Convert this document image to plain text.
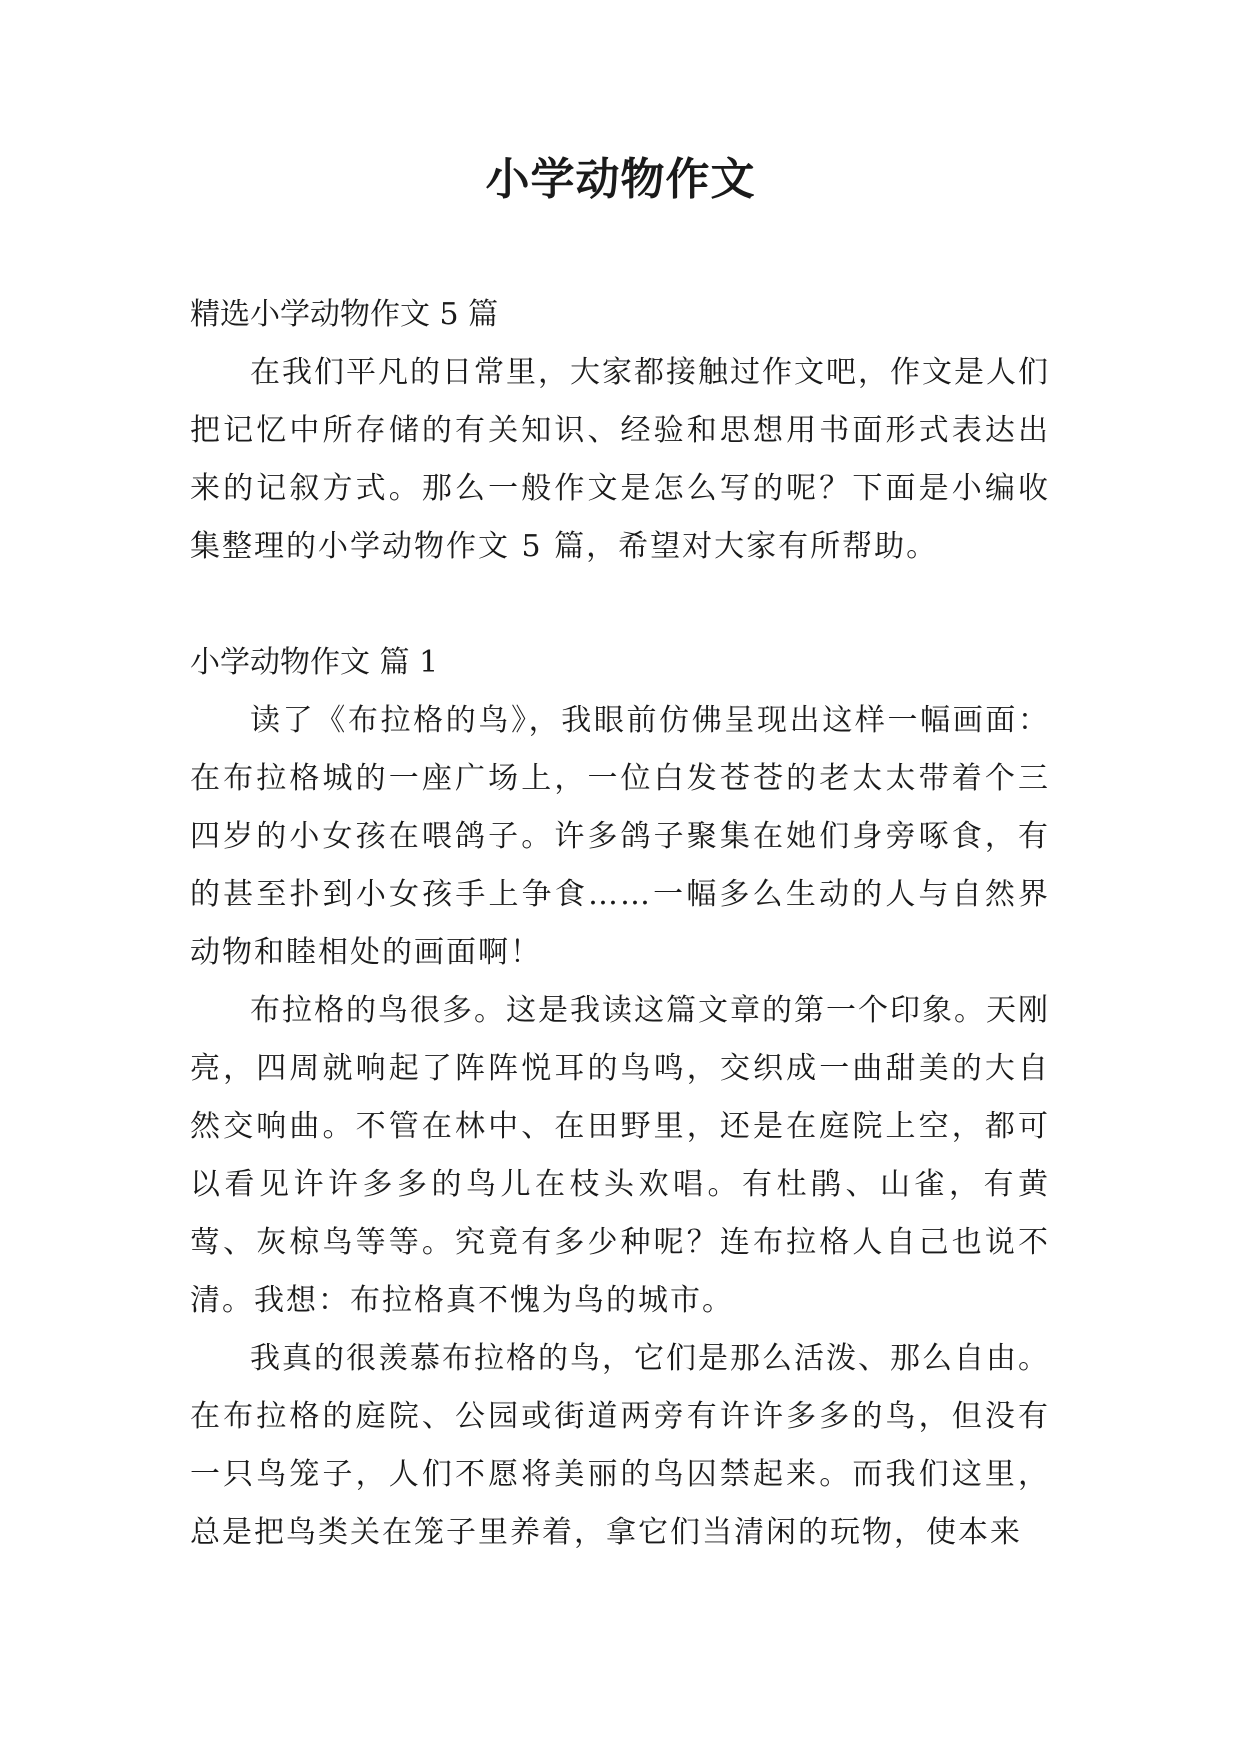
小学动物作文

精选小学动物作文 5 篇

在我们平凡的日常里，大家都接触过作文吧，作文是人们把记忆中所存储的有关知识、经验和思想用书面形式表达出来的记叙方式。那么一般作文是怎么写的呢？下面是小编收集整理的小学动物作文 5 篇，希望对大家有所帮助。

小学动物作文 篇 1

读了《布拉格的鸟》，我眼前仿佛呈现出这样一幅画面：在布拉格城的一座广场上，一位白发苍苍的老太太带着个三四岁的小女孩在喂鸽子。许多鸽子聚集在她们身旁啄食，有的甚至扑到小女孩手上争食……一幅多么生动的人与自然界动物和睦相处的画面啊！

布拉格的鸟很多。这是我读这篇文章的第一个印象。天刚亮，四周就响起了阵阵悦耳的鸟鸣，交织成一曲甜美的大自然交响曲。不管在林中、在田野里，还是在庭院上空，都可以看见许许多多的鸟儿在枝头欢唱。有杜鹃、山雀，有黄莺、灰椋鸟等等。究竟有多少种呢？连布拉格人自己也说不清。我想：布拉格真不愧为鸟的城市。

我真的很羡慕布拉格的鸟，它们是那么活泼、那么自由。在布拉格的庭院、公园或街道两旁有许许多多的鸟，但没有一只鸟笼子，人们不愿将美丽的鸟囚禁起来。而我们这里，总是把鸟类关在笼子里养着，拿它们当清闲的玩物，使本来
